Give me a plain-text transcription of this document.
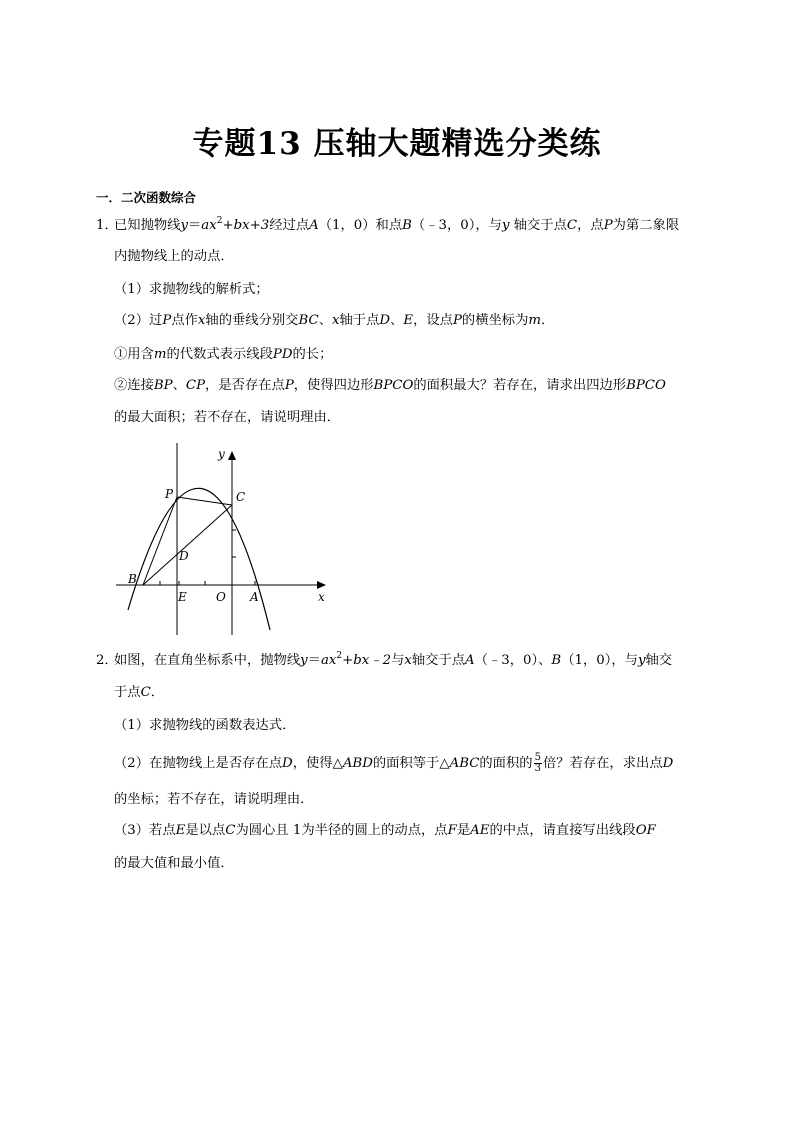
专题13 压轴大题精选分类练
一．二次函数综合
1．已知抛物线$y=ax^2+bx+3$经过点A（1，0）和点B（﹣3，0），与y 轴交于点C，点P为第二象限
内抛物线上的动点．
（1）求抛物线的解析式；
（2）过P点作x轴的垂线分别交BC、x轴于点D、E，设点P的横坐标为m．
①用含m的代数式表示线段PD的长；
②连接BP、CP，是否存在点P，使得四边形BPCO的面积最大？若存在，请求出四边形BPCO
的最大面积；若不存在，请说明理由．
y
x
P	C
D
B
E O A
2．如图，在直角坐标系中，抛物线$y=ax^2+bx﹣2$与x轴交于点A（﹣3，0）、B（1，0），与y轴交
于点C．
（1）求抛物线的函数表达式．
（2）在抛物线上是否存在点D，使得△ABD的面积等于△ABC的面积的 $\frac{5}{3}$ 倍？若存在，求出点D
的坐标；若不存在，请说明理由．
（3）若点E是以点C为圆心且 1为半径的圆上的动点，点F是AE的中点，请直接写出线段OF
的最大值和最小值．
